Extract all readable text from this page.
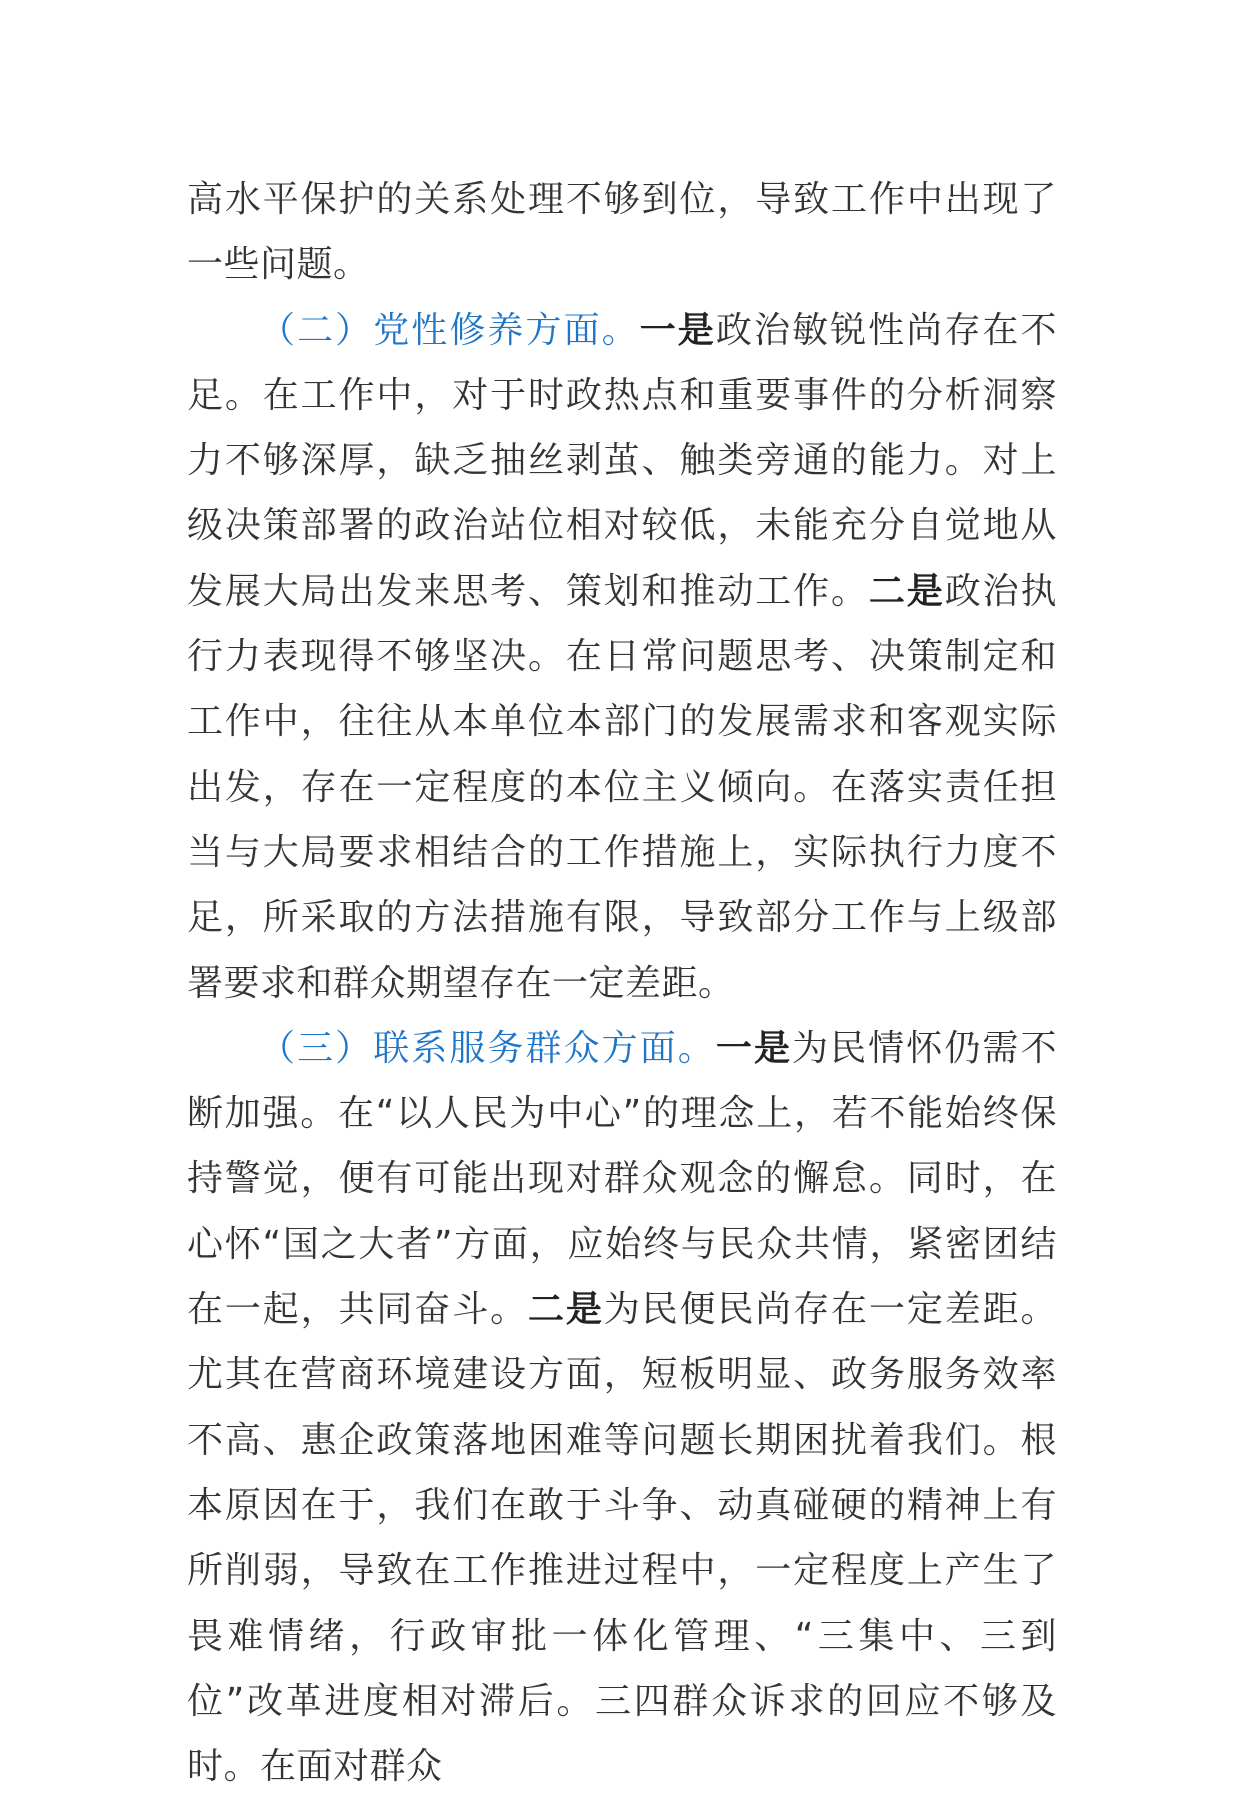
高水平保护的关系处理不够到位，导致工作中出现了一些问题。

（二）党性修养方面。一是政治敏锐性尚存在不足。在工作中，对于时政热点和重要事件的分析洞察力不够深厚，缺乏抽丝剥茧、触类旁通的能力。对上级决策部署的政治站位相对较低，未能充分自觉地从发展大局出发来思考、策划和推动工作。二是政治执行力表现得不够坚决。在日常问题思考、决策制定和工作中，往往从本单位本部门的发展需求和客观实际出发，存在一定程度的本位主义倾向。在落实责任担当与大局要求相结合的工作措施上，实际执行力度不足，所采取的方法措施有限，导致部分工作与上级部署要求和群众期望存在一定差距。

（三）联系服务群众方面。一是为民情怀仍需不断加强。在“以人民为中心”的理念上，若不能始终保持警觉，便有可能出现对群众观念的懈怠。同时，在心怀“国之大者”方面，应始终与民众共情，紧密团结在一起，共同奋斗。二是为民便民尚存在一定差距。尤其在营商环境建设方面，短板明显、政务服务效率不高、惠企政策落地困难等问题长期困扰着我们。根本原因在于，我们在敢于斗争、动真碰硬的精神上有所削弱，导致在工作推进过程中，一定程度上产生了畏难情绪，行政审批一体化管理、“三集中、三到位”改革进度相对滞后。三四群众诉求的回应不够及时。在面对群众
